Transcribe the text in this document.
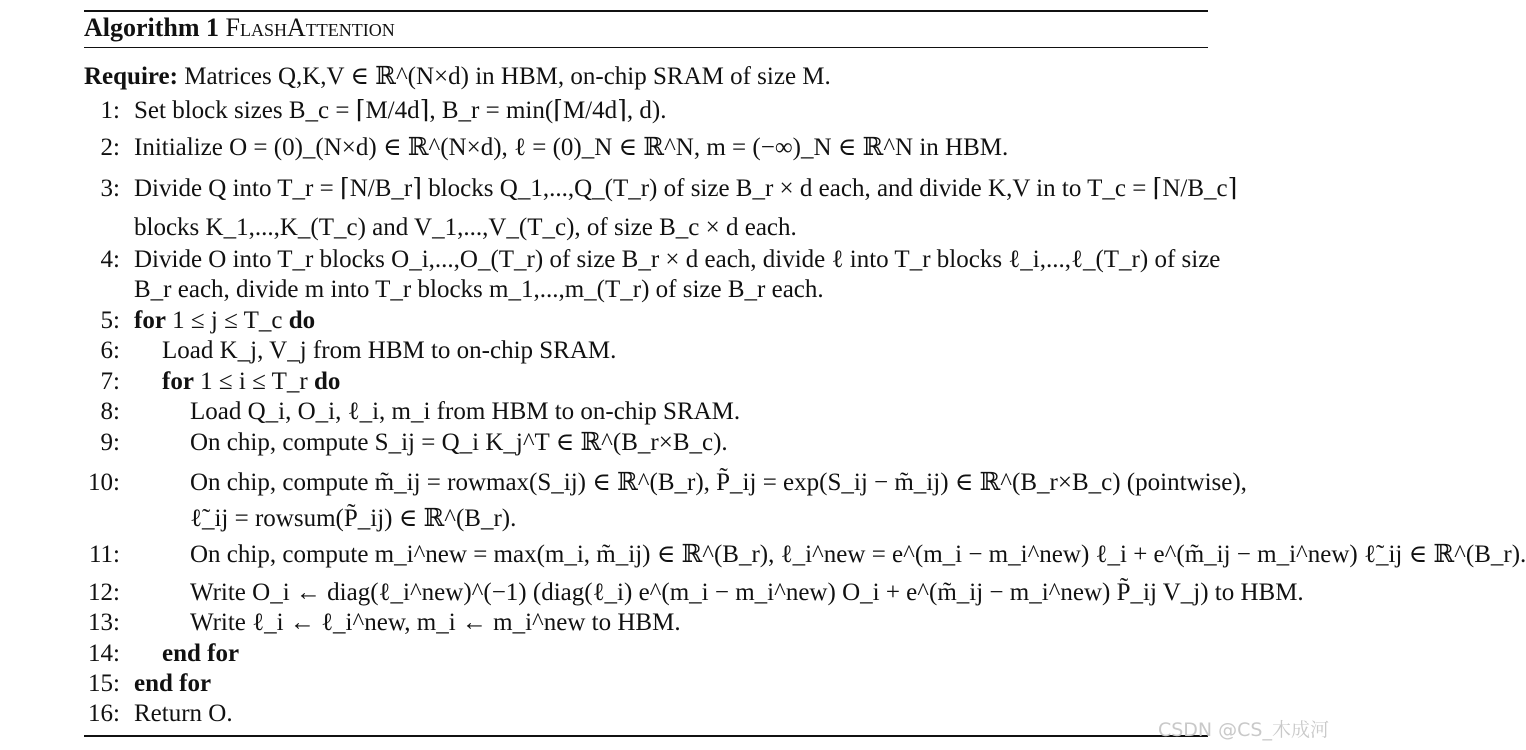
Algorithm 1 FlashAttention
Require: Matrices Q,K,V ∈ ℝ^(N×d) in HBM, on-chip SRAM of size M.
1: Set block sizes B_c = ⌈M/4d⌉, B_r = min(⌈M/4d⌉, d).
2: Initialize O = (0)_(N×d) ∈ ℝ^(N×d), ℓ = (0)_N ∈ ℝ^N, m = (−∞)_N ∈ ℝ^N in HBM.
3: Divide Q into T_r = ⌈N/B_r⌉ blocks Q_1,...,Q_(T_r) of size B_r × d each, and divide K,V in to T_c = ⌈N/B_c⌉
blocks K_1,...,K_(T_c) and V_1,...,V_(T_c), of size B_c × d each.
4: Divide O into T_r blocks O_i,...,O_(T_r) of size B_r × d each, divide ℓ into T_r blocks ℓ_i,...,ℓ_(T_r) of size
B_r each, divide m into T_r blocks m_1,...,m_(T_r) of size B_r each.
5: for 1 ≤ j ≤ T_c do
6: Load K_j, V_j from HBM to on-chip SRAM.
7: for 1 ≤ i ≤ T_r do
8:	Load Q_i, O_i, ℓ_i, m_i from HBM to on-chip SRAM.
9:	On chip, compute S_ij = Q_i K_j^T ∈ ℝ^(B_r×B_c).
10:	On chip, compute m̃_ij = rowmax(S_ij) ∈ ℝ^(B_r), P̃_ij = exp(S_ij − m̃_ij) ∈ ℝ^(B_r×B_c) (pointwise),
ℓ̃_ij = rowsum(P̃_ij) ∈ ℝ^(B_r).
11:	On chip, compute m_i^new = max(m_i, m̃_ij) ∈ ℝ^(B_r), ℓ_i^new = e^(m_i − m_i^new) ℓ_i + e^(m̃_ij − m_i^new) ℓ̃_ij ∈ ℝ^(B_r).
12:	Write O_i ← diag(ℓ_i^new)^(−1) (diag(ℓ_i) e^(m_i − m_i^new) O_i + e^(m̃_ij − m_i^new) P̃_ij V_j) to HBM.
13:	Write ℓ_i ← ℓ_i^new, m_i ← m_i^new to HBM.
14: end for
15: end for
16: Return O.
CSDN @CS_木成河
